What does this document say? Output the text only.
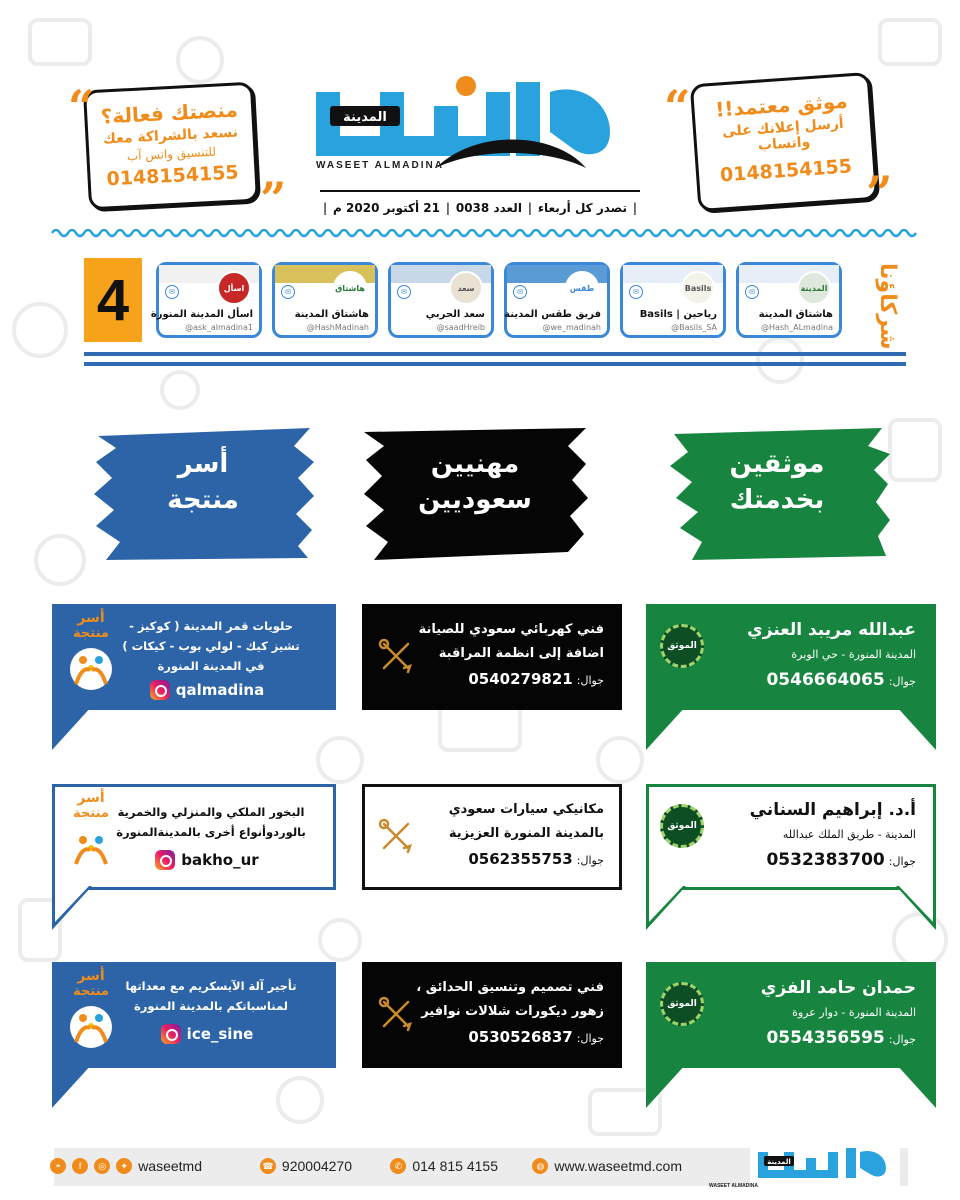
منصتك فعالة؟
نسعد بالشراكة معك
للتنسيق واتس آب
0148154155
“
”
موثق معتمد!!
أرسل إعلانك على واتساب
0148154155
“
”
المدينة
WASEET ALMADINA
|
تصدر كل أربعاء
|
العدد 0038
|
21 أكتوبر 2020 م
|
4	شركاؤنا
المدينة
✉
هاشتاق المدينة
@Hash_ALmadina
Basils
✉
رياحين | Basils
@Basils_SA
طقس
✉
فريق طقس المدينة
@we_madinah
سعد
✉
سعد الحربي
@saadHreib
هاشتاق
✉
هاشتاق المدينة
@HashMadinah
اسأل
✉
اسأل المدينة المنورة
@ask_almadina1
موثقين
بخدمتك
مهنيين
سعوديين
أسر
منتجة
عبدالله مريبد العنزي
المدينة المنورة - حي الوبرة
جوال:0546664065
الموثق
فني كهربائي سعودي للصيانة
اضافة إلى انظمة المراقبة
جوال:0540279821
أسر
منتجة	حلويات قمر المدينة ( كوكيز -
تشيز كيك - لولي بوب - كيكات )
في المدينة المنورة
qalmadina
أ.د. إبراهيم السناني
المدينة - طريق الملك عبدالله
جوال:0532383700
الموثق
مكانيكي سيارات سعودي
بالمدينة المنورة العزيزية
جوال:0562355753
أسر
منتجة البخور الملكي والمنزلي والخمرية
بالوردوأنواع أخرى بالمدينةالمنورة
bakho_ur
حمدان حامد الفزي
المدينة المنورة - دوار عروة
جوال:0554356595
الموثق
فني تصميم وتنسيق الحدائق ،
زهور ديكورات شلالات نوافير
جوال:0530526837
أسر
منتجة	تأجير آلة الآيسكريم مع معداتها
لمناسباتكم بالمدينة المنورة
ice_sine
المدينة
WASEET ALMADINA
◍ www.waseetmd.com
✆ 014 815 4155
☎ 920004270
◓	f	◎	✦ waseetmd
